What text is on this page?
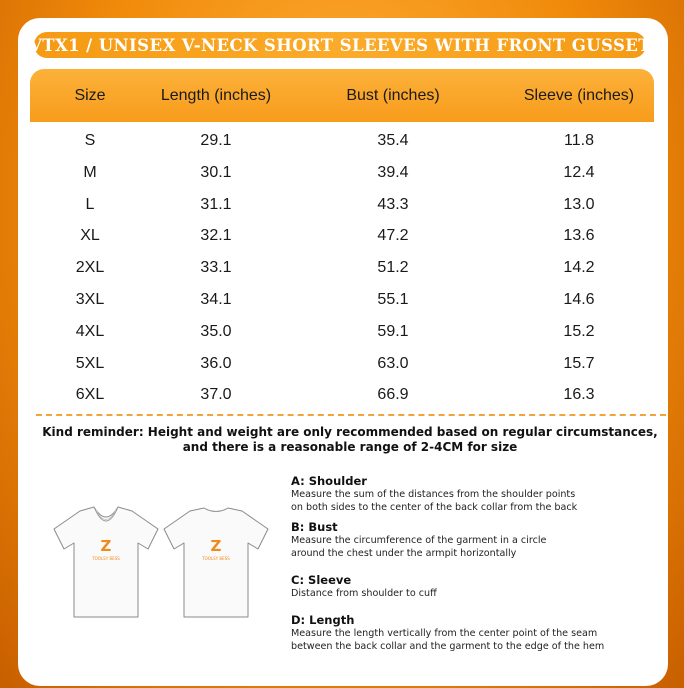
VTX1 / UNISEX V-NECK SHORT SLEEVES WITH FRONT GUSSET
Size	Length (inches)	Bust (inches)	Sleeve (inches)
S	29.1	35.4	11.8
M	30.1	39.4	12.4
L	31.1	43.3	13.0
XL	32.1	47.2	13.6
2XL	33.1	51.2	14.2
3XL	34.1	55.1	14.6
4XL	35.0	59.1	15.2
5XL	36.0	63.0	15.7
6XL	37.0	66.9	16.3
Kind reminder: Height and weight are only recommended based on regular circumstances,
and there is a reasonable range of 2-4CM for size
Z
TOOLSY BESS
Z
TOOLSY BESS
A: Shoulder
Measure the sum of the distances from the shoulder points
on both sides to the center of the back collar from the back
B: Bust
Measure the circumference of the garment in a circle
around the chest under the armpit horizontally
C: Sleeve
Distance from shoulder to cuff
D: Length
Measure the length vertically from the center point of the seam
between the back collar and the garment to the edge of the hem
